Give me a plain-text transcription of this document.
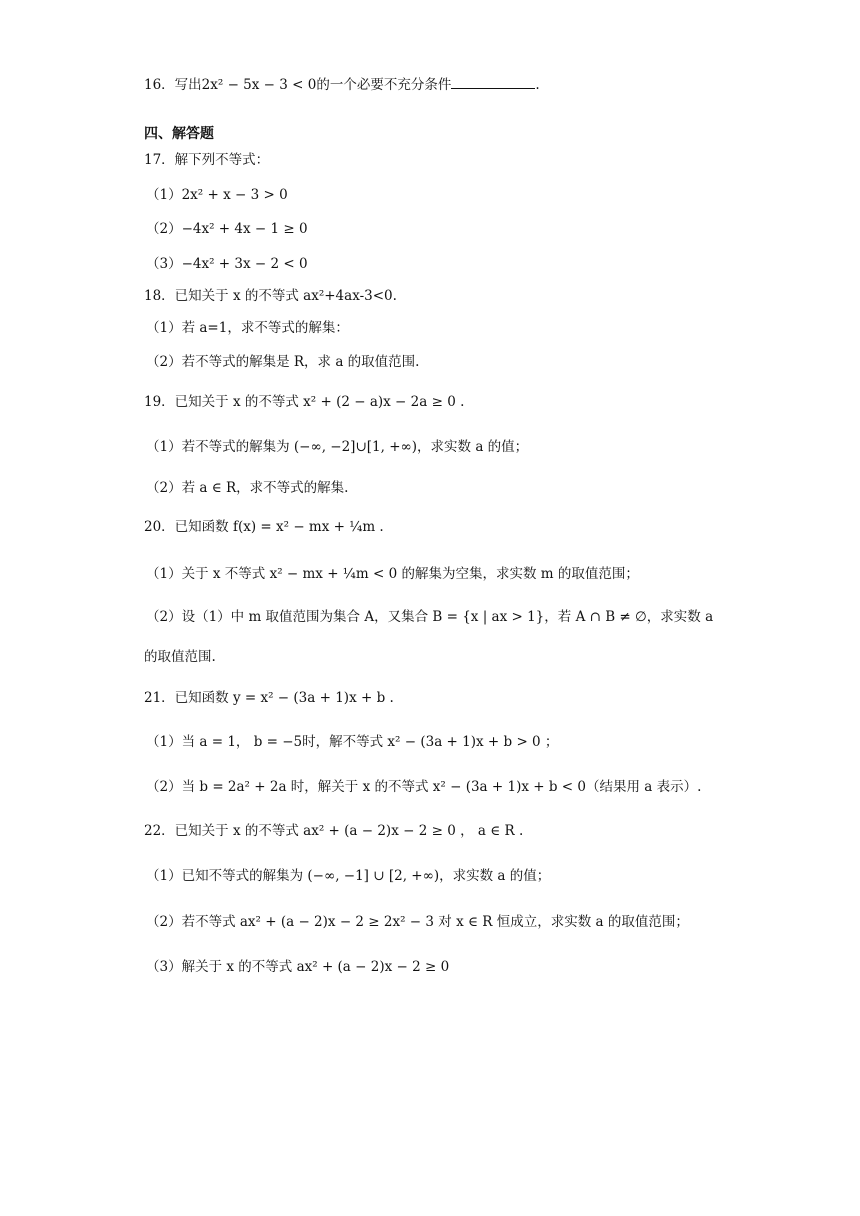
16．写出2x² − 5x − 3 < 0的一个必要不充分条件	.
四、解答题
17．解下列不等式：
（1）2x² + x − 3 > 0
（2）−4x² + 4x − 1 ≥ 0
（3）−4x² + 3x − 2 < 0
18．已知关于 x 的不等式 ax²+4ax-3<0.
（1）若 a=1，求不等式的解集：
（2）若不等式的解集是 R，求 a 的取值范围.
19．已知关于 x 的不等式 x² + (2 − a)x − 2a ≥ 0 .
（1）若不等式的解集为 (−∞, −2]∪[1, +∞)，求实数 a 的值；
（2）若 a ∈ R，求不等式的解集.
20．已知函数 f(x) = x² − mx + ¼m .
（1）关于 x 不等式 x² − mx + ¼m < 0 的解集为空集，求实数 m 的取值范围；
（2）设（1）中 m 取值范围为集合 A，又集合 B = {x | ax > 1}，若 A ∩ B ≠ ∅，求实数 a
的取值范围.
21．已知函数 y = x² − (3a + 1)x + b .
（1）当 a = 1， b = −5时，解不等式 x² − (3a + 1)x + b > 0 ；
（2）当 b = 2a² + 2a 时，解关于 x 的不等式 x² − (3a + 1)x + b < 0（结果用 a 表示）.
22．已知关于 x 的不等式 ax² + (a − 2)x − 2 ≥ 0 ， a ∈ R .
（1）已知不等式的解集为 (−∞, −1] ∪ [2, +∞)，求实数 a 的值；
（2）若不等式 ax² + (a − 2)x − 2 ≥ 2x² − 3 对 x ∈ R 恒成立，求实数 a 的取值范围；
（3）解关于 x 的不等式 ax² + (a − 2)x − 2 ≥ 0
